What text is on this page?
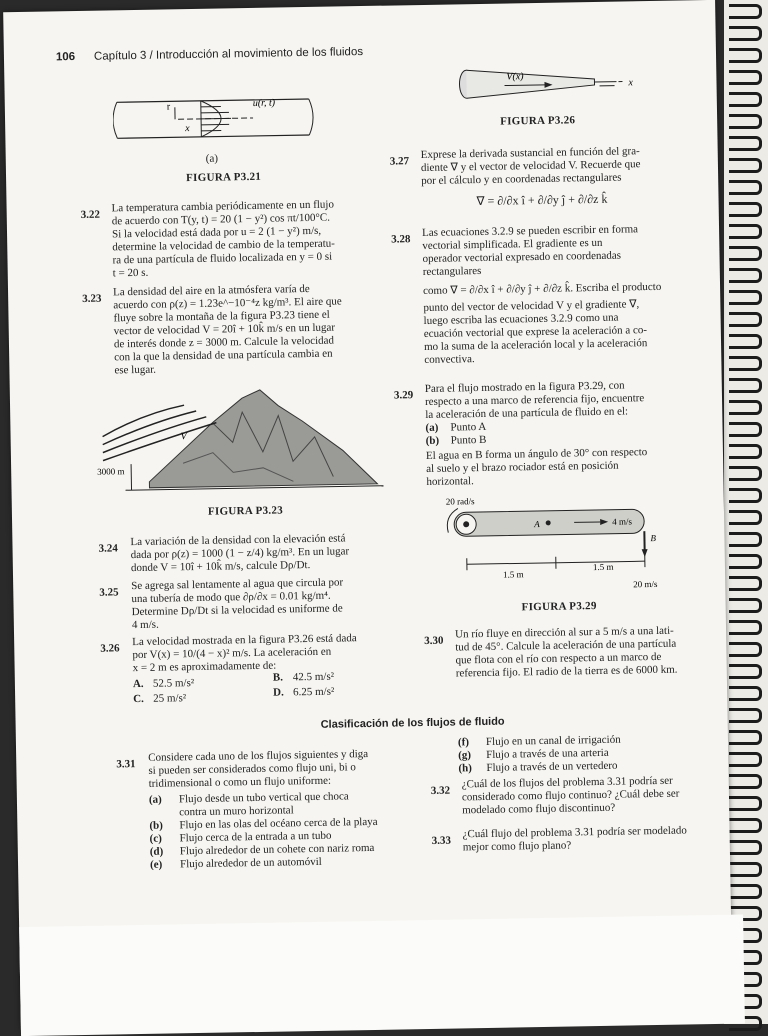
106 Capítulo 3 / Introducción al movimiento de los fluidos
r
x
u(r, t)
(a)
FIGURA P3.21
V(x)
x
FIGURA P3.26
3.22
La temperatura cambia periódicamente en un flujo
de acuerdo con T(y, t) = 20 (1 − y²) cos πt/100°C.
Si la velocidad está dada por u = 2 (1 − y²) m/s,
determine la velocidad de cambio de la temperatu-
ra de una partícula de fluido localizada en y = 0 si
t = 20 s.
3.23
La densidad del aire en la atmósfera varía de
acuerdo con ρ(z) = 1.23e^−10⁻⁴z kg/m³. El aire que
fluye sobre la montaña de la figura P3.23 tiene el
vector de velocidad V = 20î + 10k̂ m/s en un lugar
de interés donde z = 3000 m. Calcule la velocidad
con la que la densidad de una partícula cambia en
ese lugar.
V
3000 m
FIGURA P3.23
3.24
La variación de la densidad con la elevación está
dada por ρ(z) = 1000 (1 − z/4) kg/m³. En un lugar
donde V = 10î + 10k̂ m/s, calcule Dρ/Dt.
3.25
Se agrega sal lentamente al agua que circula por
una tubería de modo que ∂ρ/∂x = 0.01 kg/m⁴.
Determine Dρ/Dt si la velocidad es uniforme de
4 m/s.
3.26
La velocidad mostrada en la figura P3.26 está dada
por V(x) = 10/(4 − x)² m/s. La aceleración en
x = 2 m es aproximadamente de:
A. 52.5 m/s²	B. 42.5 m/s²
C. 25 m/s²	D. 6.25 m/s²
3.27
Exprese la derivada sustancial en función del gra-
diente ∇ y el vector de velocidad V. Recuerde que
por el cálculo y en coordenadas rectangulares
∇ = ∂/∂x î + ∂/∂y ĵ + ∂/∂z k̂
3.28
Las ecuaciones 3.2.9 se pueden escribir en forma
vectorial simplificada. El gradiente es un
operador vectorial expresado en coordenadas
rectangulares
como ∇ = ∂/∂x î + ∂/∂y ĵ + ∂/∂z k̂. Escriba el producto
punto del vector de velocidad V y el gradiente ∇,
luego escriba las ecuaciones 3.2.9 como una
ecuación vectorial que exprese la aceleración a co-
mo la suma de la aceleración local y la aceleración
convectiva.
3.29
Para el flujo mostrado en la figura P3.29, con
respecto a una marco de referencia fijo, encuentre
la aceleración de una partícula de fluido en el:
(a) Punto A
(b) Punto B
El agua en B forma un ángulo de 30° con respecto
al suelo y el brazo rociador está en posición
horizontal.
20 rad/s
A
B
4 m/s
1.5 m
1.5 m
20 m/s
FIGURA P3.29
3.30
Un río fluye en dirección al sur a 5 m/s a una lati-
tud de 45°. Calcule la aceleración de una partícula
que flota con el río con respecto a un marco de
referencia fijo. El radio de la tierra es de 6000 km.
Clasificación de los flujos de fluido
3.31
Considere cada uno de los flujos siguientes y diga
si pueden ser considerados como flujo uni, bi o
tridimensional o como un flujo uniforme:
(a) Flujo desde un tubo vertical que choca
contra un muro horizontal
(b) Flujo en las olas del océano cerca de la playa
(c) Flujo cerca de la entrada a un tubo
(d) Flujo alrededor de un cohete con nariz roma
(e) Flujo alrededor de un automóvil
(f) Flujo en un canal de irrigación
(g) Flujo a través de una arteria
(h) Flujo a través de un vertedero
3.32
¿Cuál de los flujos del problema 3.31 podría ser
considerado como flujo continuo? ¿Cuál debe ser
modelado como flujo discontinuo?
3.33
¿Cuál flujo del problema 3.31 podría ser modelado
mejor como flujo plano?
